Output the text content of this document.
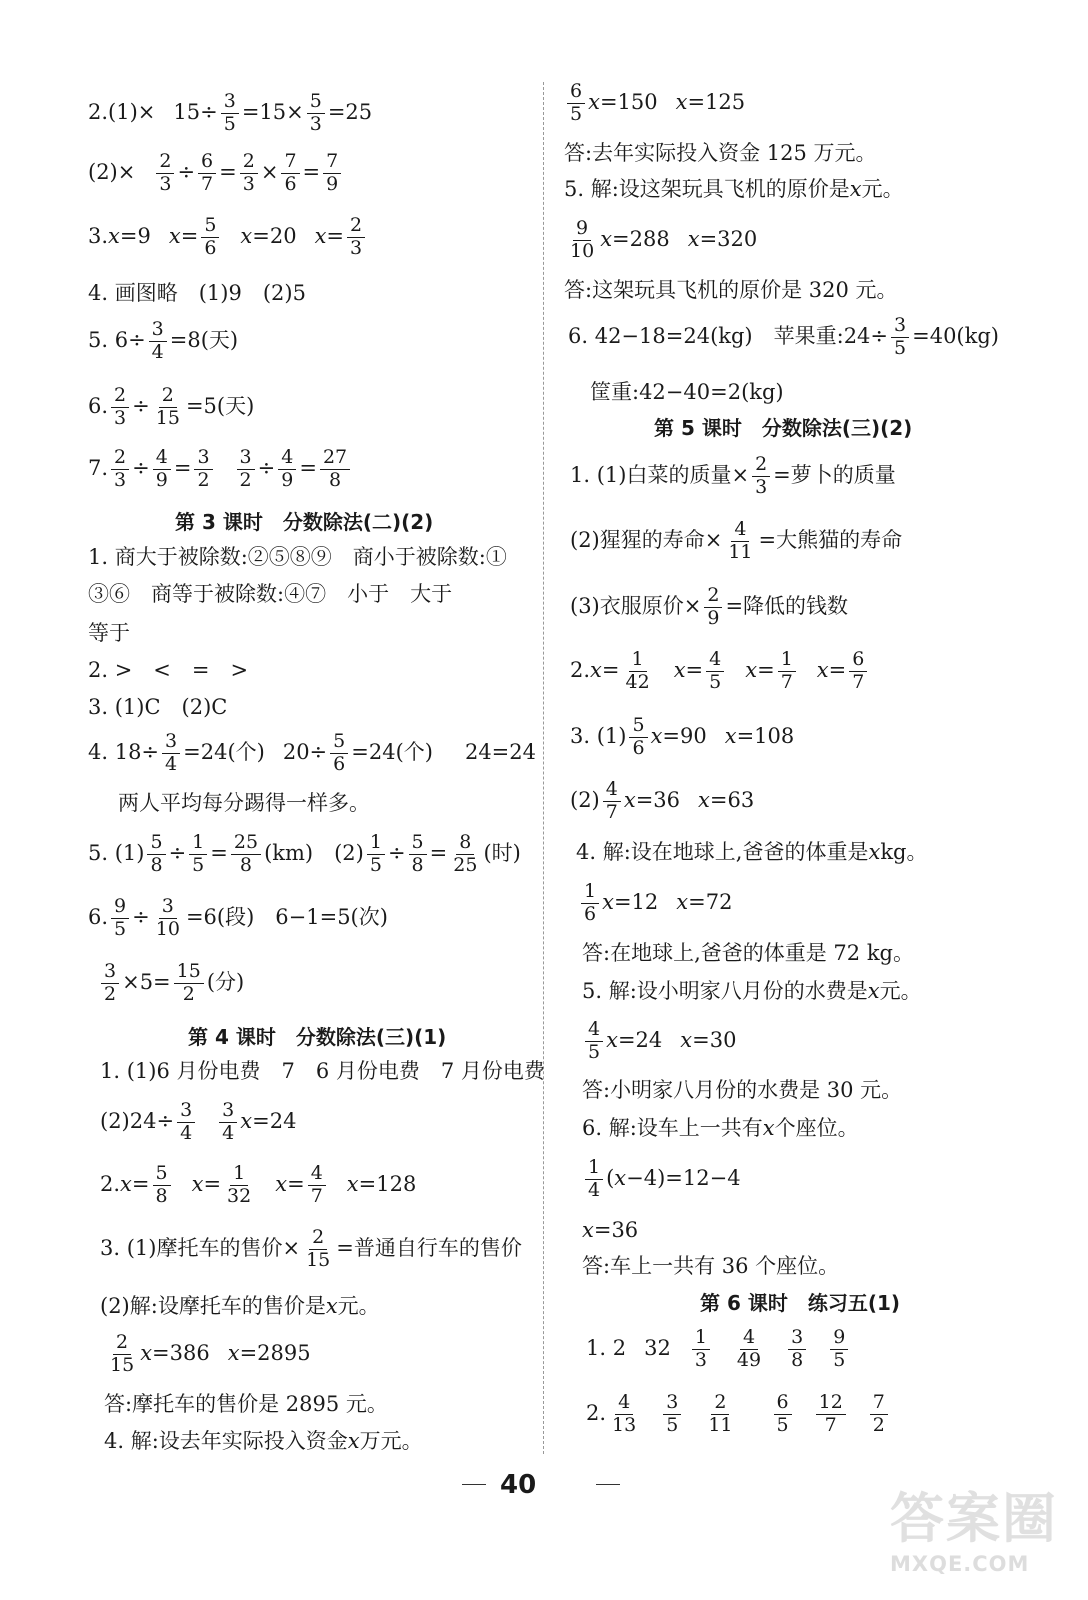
$2.(1)\times 15\div \frac{3}{5} =15\times \frac{5}{3} =25$
$(2)\times \frac{2}{3} \div \frac{6}{7} = \frac{2}{3} \times \frac{7}{6} = \frac{7}{9}$
3.x=9 $x= \frac{5}{6} x=20$ $x= \frac{2}{3}$
4. 画图略　(1)9　(2)5
5. $6\div \frac{3}{4} =8$(天)
6. $\frac{2}{3} \div \frac{2}{15} =5$(天)
7. $\frac{2}{3} \div \frac{4}{9} = \frac{3}{2} \frac{3}{2} \div \frac{4}{9} = \frac{27}{8}$
第 3 课时　分数除法(二)(2)
1. 商大于被除数:②⑤⑧⑨　商小于被除数:①
③⑥　商等于被除数:④⑦　小于　大于
等于
2. >　<　=　>
3. (1)C　(2)C
4. $18\div \frac{3}{4} =24$(个) $20\div \frac{5}{6} =24$(个) 24=24
两人平均每分踢得一样多。
5. $(1) \frac{5}{8} \div \frac{1}{5} = \frac{25}{8} (km)$　$(2) \frac{1}{5} \div \frac{5}{8} = \frac{8}{25}$ (时)
6. $\frac{9}{5} \div \frac{3}{10} =6$(段)　6−1=5(次)
$\frac{3}{2} \times 5= \frac{15}{2}$ (分)
第 4 课时　分数除法(三)(1)
1. (1)6 月份电费　7　6 月份电费　7 月份电费
$(2)24\div \frac{3}{4} \frac{3}{4} x=24$
$2.x= \frac{5}{8} x= \frac{1}{32} x= \frac{4}{7} x=128$
3. (1)摩托车的售价× $\frac{2}{15}$ =普通自行车的售价
(2)解:设摩托车的售价是x元。
$\frac{2}{15} x=386$ x=2895
答:摩托车的售价是 2895 元。
4. 解:设去年实际投入资金x万元。
$\frac{6}{5} x=150$ x=125
答:去年实际投入资金 125 万元。
5. 解:设这架玩具飞机的原价是x元。
$\frac{9}{10} x=288$ x=320
答:这架玩具飞机的原价是 320 元。
6. 42−18=24(kg)　苹果重:24÷ $\frac{3}{5} =40(kg)$
筐重:42−40=2(kg)
第 5 课时　分数除法(三)(2)
1. (1)白菜的质量× $\frac{2}{3}$ =萝卜的质量
(2)猩猩的寿命× $\frac{4}{11}$ =大熊猫的寿命
(3)衣服原价× $\frac{2}{9}$ =降低的钱数
$2.x= \frac{1}{42} x= \frac{4}{5} x= \frac{1}{7} x= \frac{6}{7}$
3. $(1) \frac{5}{6} x=90$ x=108
$(2) \frac{4}{7} x=36$ x=63
4. 解:设在地球上,爸爸的体重是xkg。
$\frac{1}{6} x=12$ x=72
答:在地球上,爸爸的体重是 72 kg。
5. 解:设小明家八月份的水费是x元。
$\frac{4}{5} x=24$ x=30
答:小明家八月份的水费是 30 元。
6. 解:设车上一共有x个座位。
$\frac{1}{4} (x-4)=12-4$
x=36
答:车上一共有 36 个座位。
第 6 课时　练习五(1)
1. 2 $32 \frac{1}{3} \frac{4}{49} \frac{3}{8} \frac{9}{5}$
2. $\frac{4}{13} \frac{3}{5} \frac{2}{11} \frac{6}{5} \frac{12}{7} \frac{7}{2}$
40
答案圈
MXQE.COM
